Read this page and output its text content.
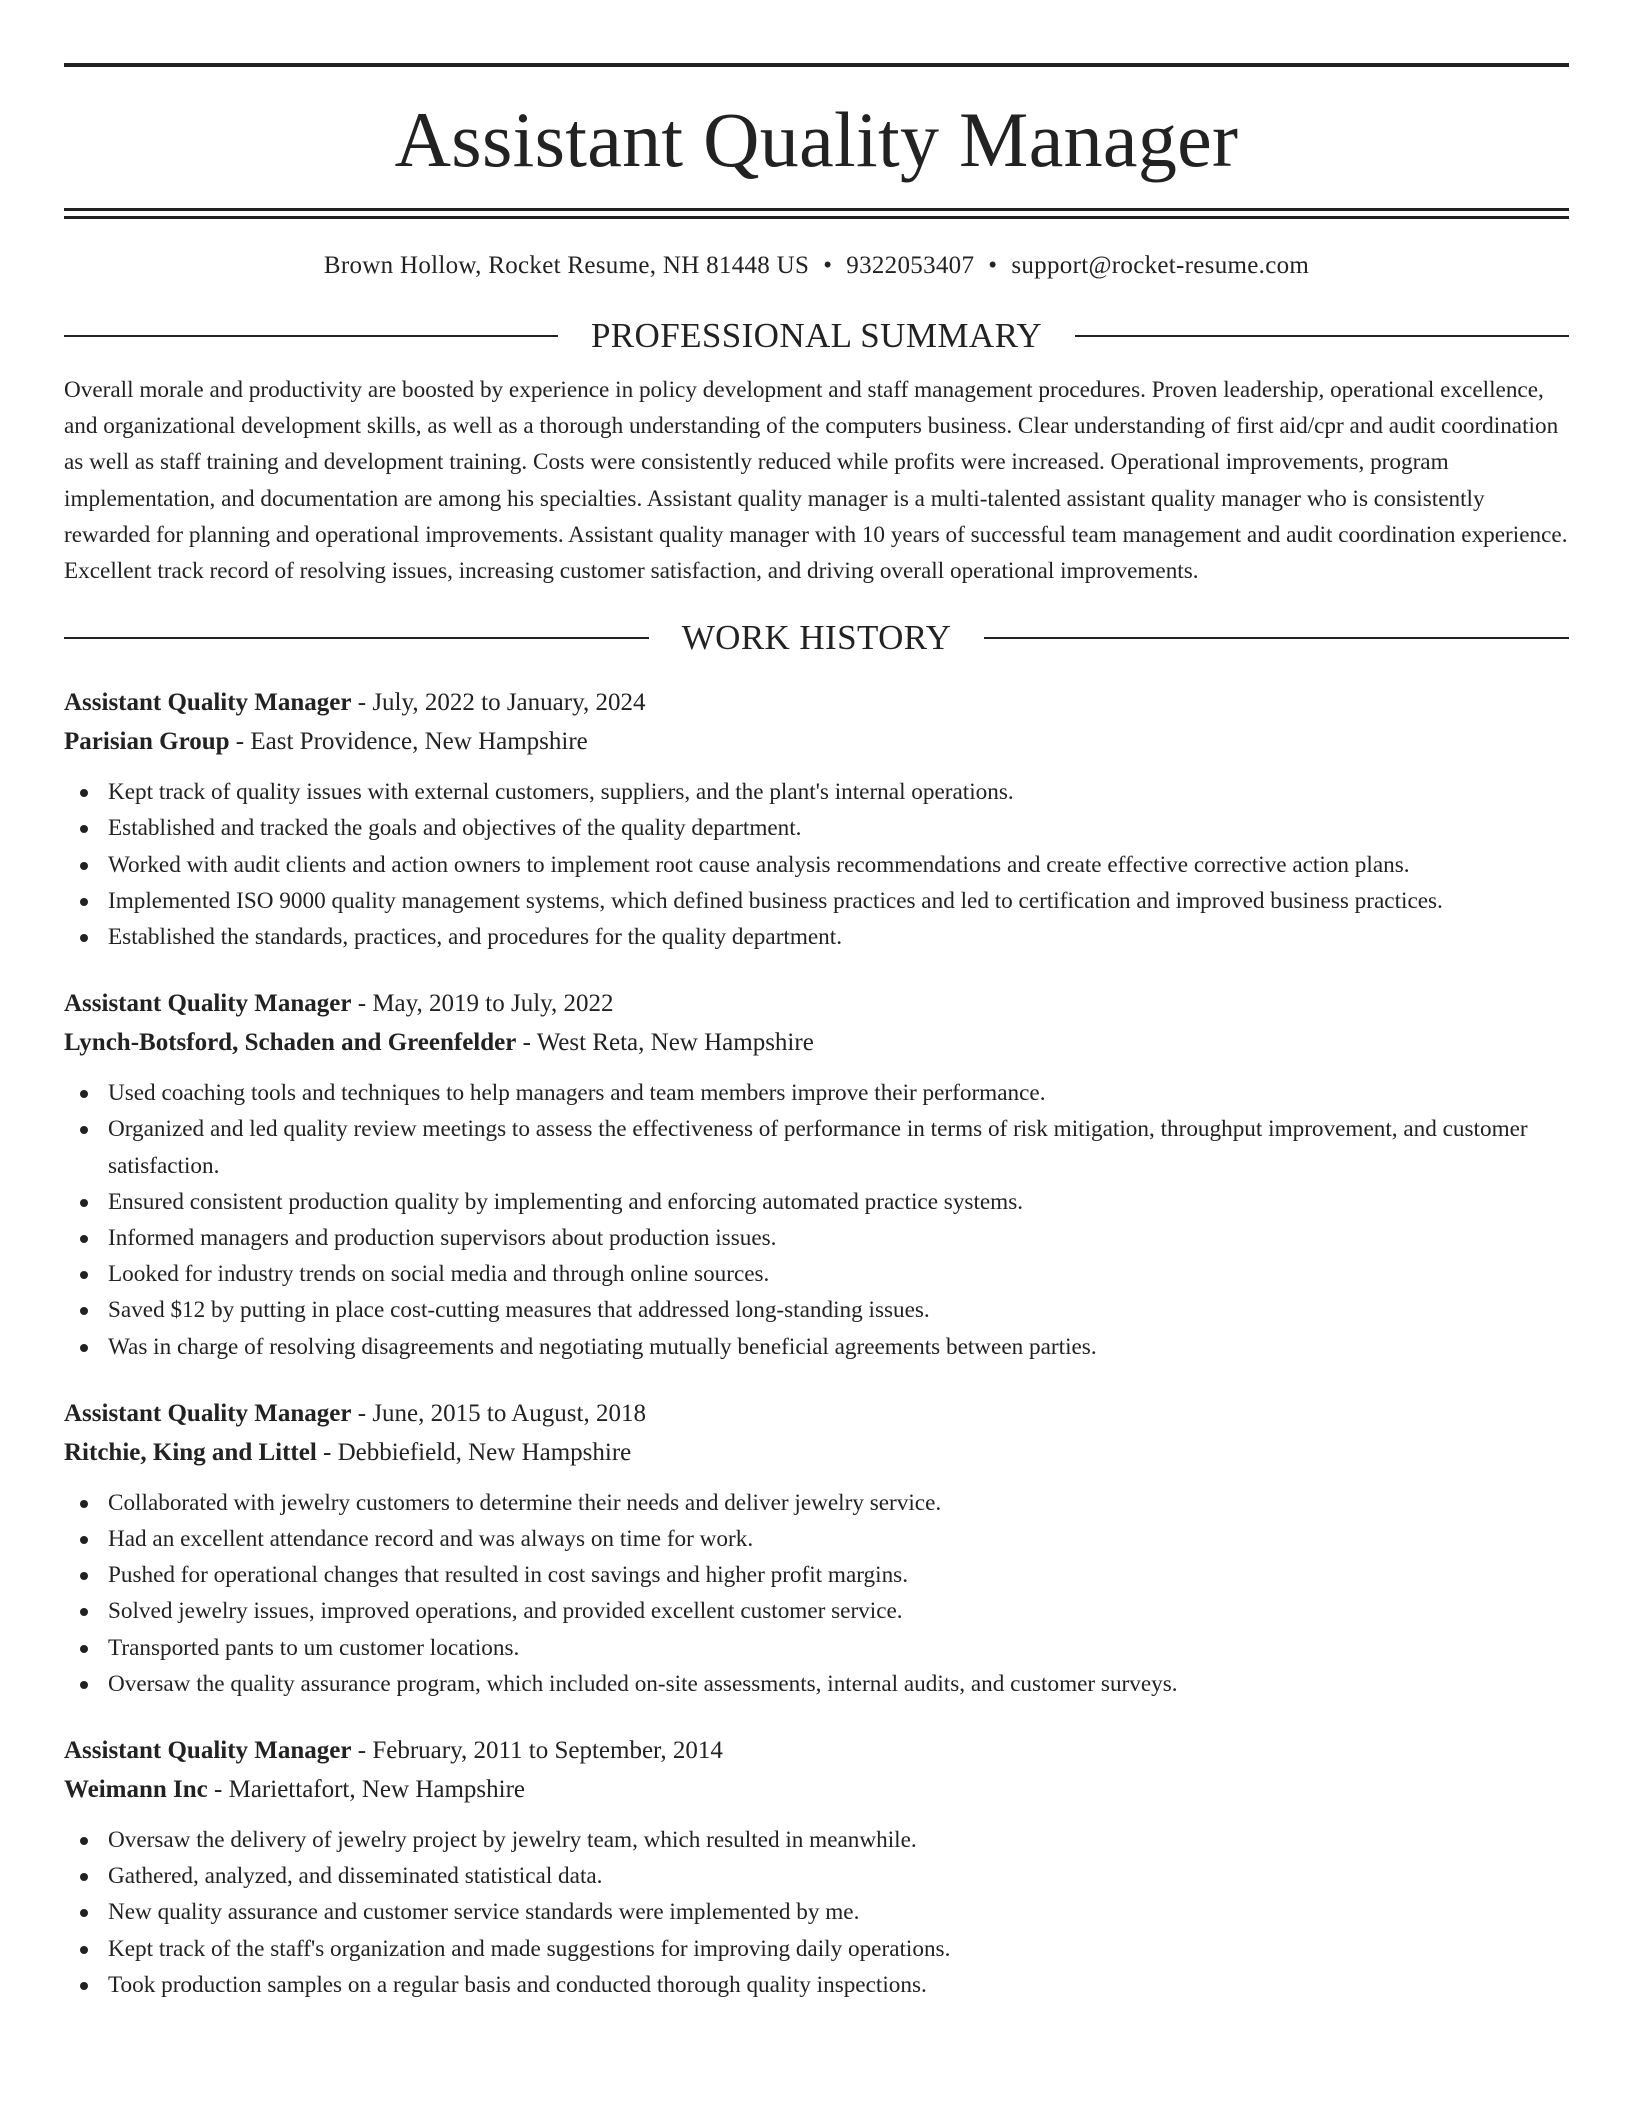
Assistant Quality Manager
Brown Hollow, Rocket Resume, NH 81448 US • 9322053407 • support@rocket-resume.com
PROFESSIONAL SUMMARY
Overall morale and productivity are boosted by experience in policy development and staff management procedures. Proven leadership, operational excellence, and organizational development skills, as well as a thorough understanding of the computers business. Clear understanding of first aid/cpr and audit coordination as well as staff training and development training. Costs were consistently reduced while profits were increased. Operational improvements, program implementation, and documentation are among his specialties. Assistant quality manager is a multi-talented assistant quality manager who is consistently rewarded for planning and operational improvements. Assistant quality manager with 10 years of successful team management and audit coordination experience. Excellent track record of resolving issues, increasing customer satisfaction, and driving overall operational improvements.
WORK HISTORY
Assistant Quality Manager - July, 2022 to January, 2024
Parisian Group - East Providence, New Hampshire
Kept track of quality issues with external customers, suppliers, and the plant's internal operations.
Established and tracked the goals and objectives of the quality department.
Worked with audit clients and action owners to implement root cause analysis recommendations and create effective corrective action plans.
Implemented ISO 9000 quality management systems, which defined business practices and led to certification and improved business practices.
Established the standards, practices, and procedures for the quality department.
Assistant Quality Manager - May, 2019 to July, 2022
Lynch-Botsford, Schaden and Greenfelder - West Reta, New Hampshire
Used coaching tools and techniques to help managers and team members improve their performance.
Organized and led quality review meetings to assess the effectiveness of performance in terms of risk mitigation, throughput improvement, and customer satisfaction.
Ensured consistent production quality by implementing and enforcing automated practice systems.
Informed managers and production supervisors about production issues.
Looked for industry trends on social media and through online sources.
Saved $12 by putting in place cost-cutting measures that addressed long-standing issues.
Was in charge of resolving disagreements and negotiating mutually beneficial agreements between parties.
Assistant Quality Manager - June, 2015 to August, 2018
Ritchie, King and Littel - Debbiefield, New Hampshire
Collaborated with jewelry customers to determine their needs and deliver jewelry service.
Had an excellent attendance record and was always on time for work.
Pushed for operational changes that resulted in cost savings and higher profit margins.
Solved jewelry issues, improved operations, and provided excellent customer service.
Transported pants to um customer locations.
Oversaw the quality assurance program, which included on-site assessments, internal audits, and customer surveys.
Assistant Quality Manager - February, 2011 to September, 2014
Weimann Inc - Mariettafort, New Hampshire
Oversaw the delivery of jewelry project by jewelry team, which resulted in meanwhile.
Gathered, analyzed, and disseminated statistical data.
New quality assurance and customer service standards were implemented by me.
Kept track of the staff's organization and made suggestions for improving daily operations.
Took production samples on a regular basis and conducted thorough quality inspections.
